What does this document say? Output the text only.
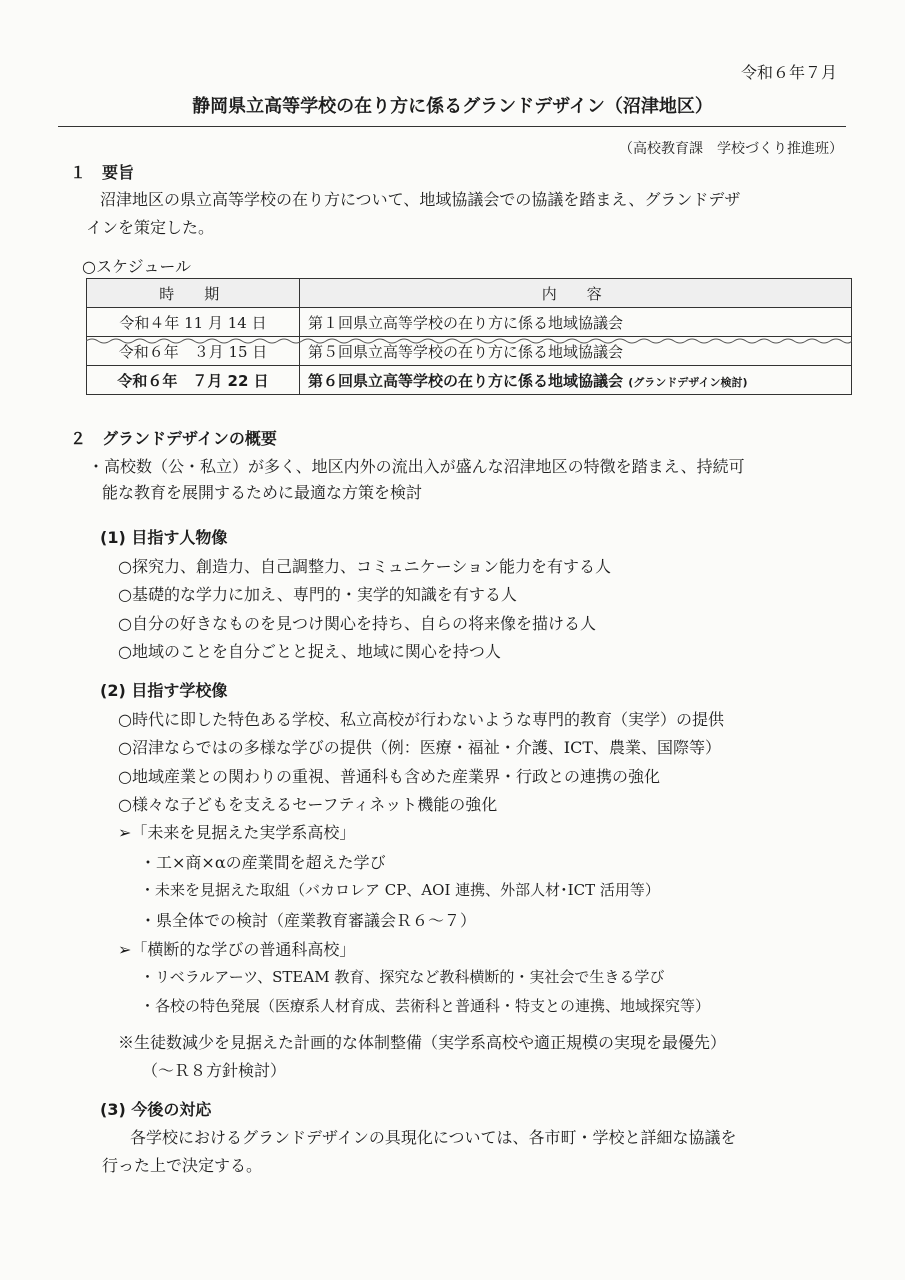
令和６年７月
静岡県立高等学校の在り方に係るグランドデザイン（沼津地区）
（高校教育課　学校づくり推進班）
１　要旨
沼津地区の県立高等学校の在り方について、地域協議会での協議を踏まえ、グランドデザ
インを策定した。
○スケジュール
時　期	内　容
令和４年 11 月 14 日	第１回県立高等学校の在り方に係る地域協議会
令和６年　３月 15 日	第５回県立高等学校の在り方に係る地域協議会
令和６年　７月 22 日	第６回県立高等学校の在り方に係る地域協議会 (グランドデザイン検討)
２　グランドデザインの概要
・高校数（公・私立）が多く、地区内外の流出入が盛んな沼津地区の特徴を踏まえ、持続可
能な教育を展開するために最適な方策を検討
(1) 目指す人物像
○探究力、創造力、自己調整力、コミュニケーション能力を有する人
○基礎的な学力に加え、専門的・実学的知識を有する人
○自分の好きなものを見つけ関心を持ち、自らの将来像を描ける人
○地域のことを自分ごとと捉え、地域に関心を持つ人
(2) 目指す学校像
○時代に即した特色ある学校、私立高校が行わないような専門的教育（実学）の提供
○沼津ならではの多様な学びの提供（例：医療・福祉・介護、ICT、農業、国際等）
○地域産業との関わりの重視、普通科も含めた産業界・行政との連携の強化
○様々な子どもを支えるセーフティネット機能の強化
➢「未来を見据えた実学系高校」
・工×商×αの産業間を超えた学び
・未来を見据えた取組（バカロレア CP、AOI 連携、外部人材･ICT 活用等）
・県全体での検討（産業教育審議会Ｒ６～７）
➢「横断的な学びの普通科高校」
・リベラルアーツ、STEAM 教育、探究など教科横断的・実社会で生きる学び
・各校の特色発展（医療系人材育成、芸術科と普通科・特支との連携、地域探究等）
※生徒数減少を見据えた計画的な体制整備（実学系高校や適正規模の実現を最優先）
（～Ｒ８方針検討）
(3) 今後の対応
各学校におけるグランドデザインの具現化については、各市町・学校と詳細な協議を
行った上で決定する。
